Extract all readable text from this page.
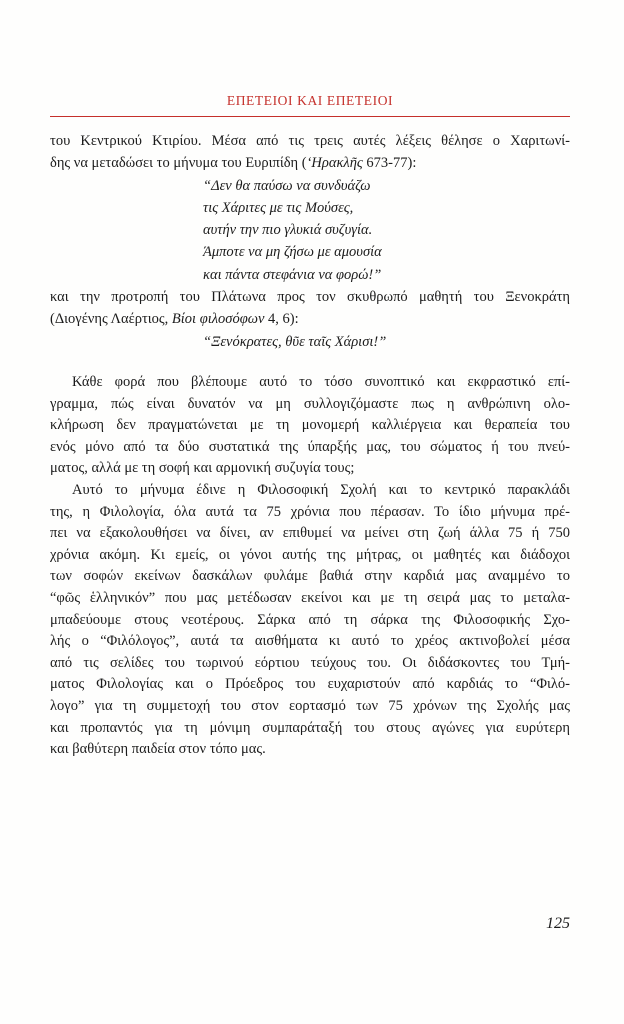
ΕΠΕΤΕΙΟΙ ΚΑΙ ΕΠΕΤΕΙΟΙ
του Κεντρικού Κτιρίου. Μέσα από τις τρεις αυτές λέξεις θέλησε ο Χαριτωνί-
δης να μεταδώσει το μήνυμα του Ευριπίδη (‘Ηρακλῆς 673-77):
“Δεν θα παύσω να συνδυάζω
τις Χάριτες με τις Μούσες,
αυτήν την πιο γλυκιά συζυγία.
Άμποτε να μη ζήσω με αμουσία
και πάντα στεφάνια να φορώ!”
και την προτροπή του Πλάτωνα προς τον σκυθρωπό μαθητή του Ξενοκράτη
(Διογένης Λαέρτιος, Βίοι φιλοσόφων 4, 6):
“Ξενόκρατες, θῦε ταῖς Χάρισι!”
Κάθε φορά που βλέπουμε αυτό το τόσο συνοπτικό και εκφραστικό επί-
γραμμα, πώς είναι δυνατόν να μη συλλογιζόμαστε πως η ανθρώπινη ολο-
κλήρωση δεν πραγματώνεται με τη μονομερή καλλιέργεια και θεραπεία του
ενός μόνο από τα δύο συστατικά της ύπαρξής μας, του σώματος ή του πνεύ-
ματος, αλλά με τη σοφή και αρμονική συζυγία τους;
Αυτό το μήνυμα έδινε η Φιλοσοφική Σχολή και το κεντρικό παρακλάδι
της, η Φιλολογία, όλα αυτά τα 75 χρόνια που πέρασαν. Το ίδιο μήνυμα πρέ-
πει να εξακολουθήσει να δίνει, αν επιθυμεί να μείνει στη ζωή άλλα 75 ή 750
χρόνια ακόμη. Κι εμείς, οι γόνοι αυτής της μήτρας, οι μαθητές και διάδοχοι
των σοφών εκείνων δασκάλων φυλάμε βαθιά στην καρδιά μας αναμμένο το
“φῶς ἑλληνικόν” που μας μετέδωσαν εκείνοι και με τη σειρά μας το μεταλα-
μπαδεύουμε στους νεοτέρους. Σάρκα από τη σάρκα της Φιλοσοφικής Σχο-
λής ο “Φιλόλογος”, αυτά τα αισθήματα κι αυτό το χρέος ακτινοβολεί μέσα
από τις σελίδες του τωρινού εόρτιου τεύχους του. Οι διδάσκοντες του Τμή-
ματος Φιλολογίας και ο Πρόεδρος του ευχαριστούν από καρδιάς το “Φιλό-
λογο” για τη συμμετοχή του στον εορτασμό των 75 χρόνων της Σχολής μας
και προπαντός για τη μόνιμη συμπαράταξή του στους αγώνες για ευρύτερη
και βαθύτερη παιδεία στον τόπο μας.
125
